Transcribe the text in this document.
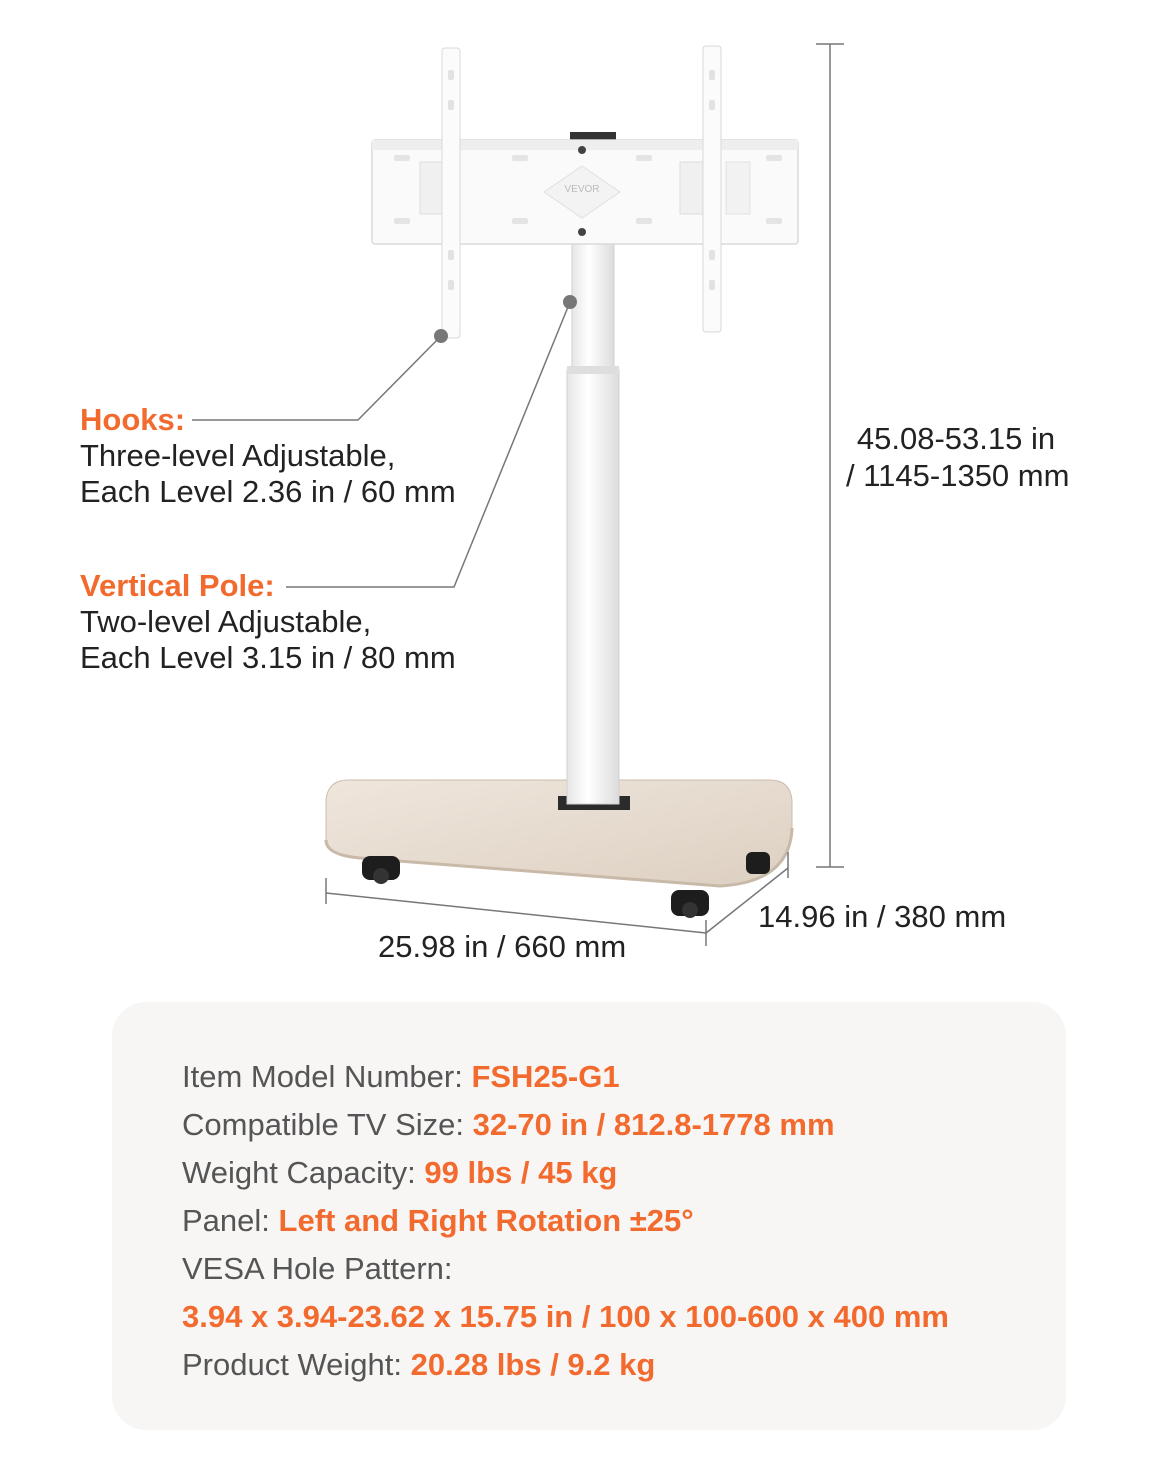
VEVOR
Hooks:
Three-level Adjustable,
Each Level 2.36 in / 60 mm
Vertical Pole:
Two-level Adjustable,
Each Level 3.15 in / 80 mm
45.08-53.15 in
/ 1145-1350 mm
25.98 in / 660 mm
14.96 in / 380 mm
Item Model Number: FSH25-G1
Compatible TV Size: 32-70 in / 812.8-1778 mm
Weight Capacity: 99 lbs / 45 kg
Panel: Left and Right Rotation ±25°
VESA Hole Pattern:
3.94 x 3.94-23.62 x 15.75 in / 100 x 100-600 x 400 mm
Product Weight: 20.28 lbs / 9.2 kg
